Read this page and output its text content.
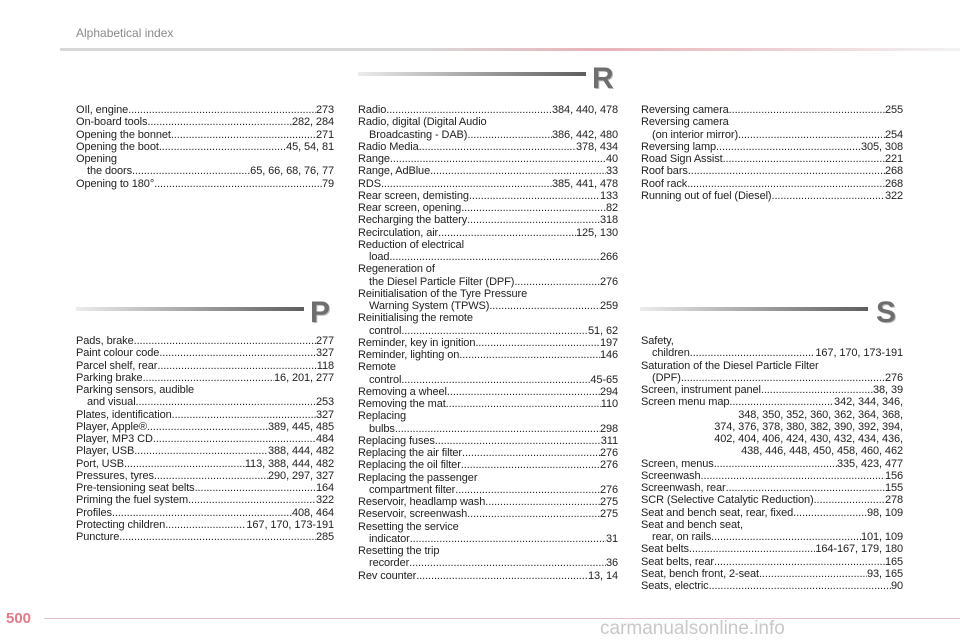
Alphabetical index
R
P	S
OIl, engine .....	273
On-board tools .....	282, 284
Opening the bonnet .....	271
Opening the boot .....	45, 54, 81
Opening
the doors .....	65, 66, 68, 76, 77
Opening to 180° .....	79
Pads, brake .....	277
Paint colour code .....	327
Parcel shelf, rear .....	118
Parking brake .....	16, 201, 277
Parking sensors, audible
and visual .....	253
Plates, identification .....	327
Player, Apple® .....	389, 445, 485
Player, MP3 CD .....	484
Player, USB .....	388, 444, 482
Port, USB .....	113, 388, 444, 482
Pressures, tyres .....	290, 297, 327
Pre-tensioning seat belts .....	164
Priming the fuel system .....	322
Profiles .....	408, 464
Protecting children .....	167, 170, 173-191
Puncture .....	285
Radio .....	384, 440, 478
Radio, digital (Digital Audio
Broadcasting - DAB) .....	386, 442, 480
Radio Media .....	378, 434
Range .....	40
Range, AdBlue .....	33
RDS .....	385, 441, 478
Rear screen, demisting .....	133
Rear screen, opening .....	82
Recharging the battery .....	318
Recirculation, air .....	125, 130
Reduction of electrical
load .....	266
Regeneration of
the Diesel Particle Filter (DPF) .....	276
Reinitialisation of the Tyre Pressure
Warning System (TPWS) .....	259
Reinitialising the remote
control .....	51, 62
Reminder, key in ignition .....	197
Reminder, lighting on .....	146
Remote
control .....	45-65
Removing a wheel .....	294
Removing the mat .....	110
Replacing
bulbs .....	298
Replacing fuses .....	311
Replacing the air filter .....	276
Replacing the oil filter .....	276
Replacing the passenger
compartment filter .....	276
Reservoir, headlamp wash .....	275
Reservoir, screenwash .....	275
Resetting the service
indicator .....	31
Resetting the trip
recorder .....	36
Rev counter .....	13, 14
Reversing camera .....	255
Reversing camera
(on interior mirror) .....	254
Reversing lamp .....	305, 308
Road Sign Assist .....	221
Roof bars .....	268
Roof rack .....	268
Running out of fuel (Diesel) .....	322
Safety,
children .....	167, 170, 173-191
Saturation of the Diesel Particle Filter
(DPF) .....	276
Screen, instrument panel .....	38, 39
Screen menu map .....	342, 344, 346,
348, 350, 352, 360, 362, 364, 368,
374, 376, 378, 380, 382, 390, 392, 394,
402, 404, 406, 424, 430, 432, 434, 436,
438, 446, 448, 450, 458, 460, 462
Screen, menus .....	335, 423, 477
Screenwash .....	156
Screenwash, rear .....	155
SCR (Selective Catalytic Reduction) .....	278
Seat and bench seat, rear, fixed .....	98, 109
Seat and bench seat,
rear, on rails .....	101, 109
Seat belts .....	164-167, 179, 180
Seat belts, rear .....	165
Seat, bench front, 2-seat .....	93, 165
Seats, electric .....	90
500	carmanualsonline.info
